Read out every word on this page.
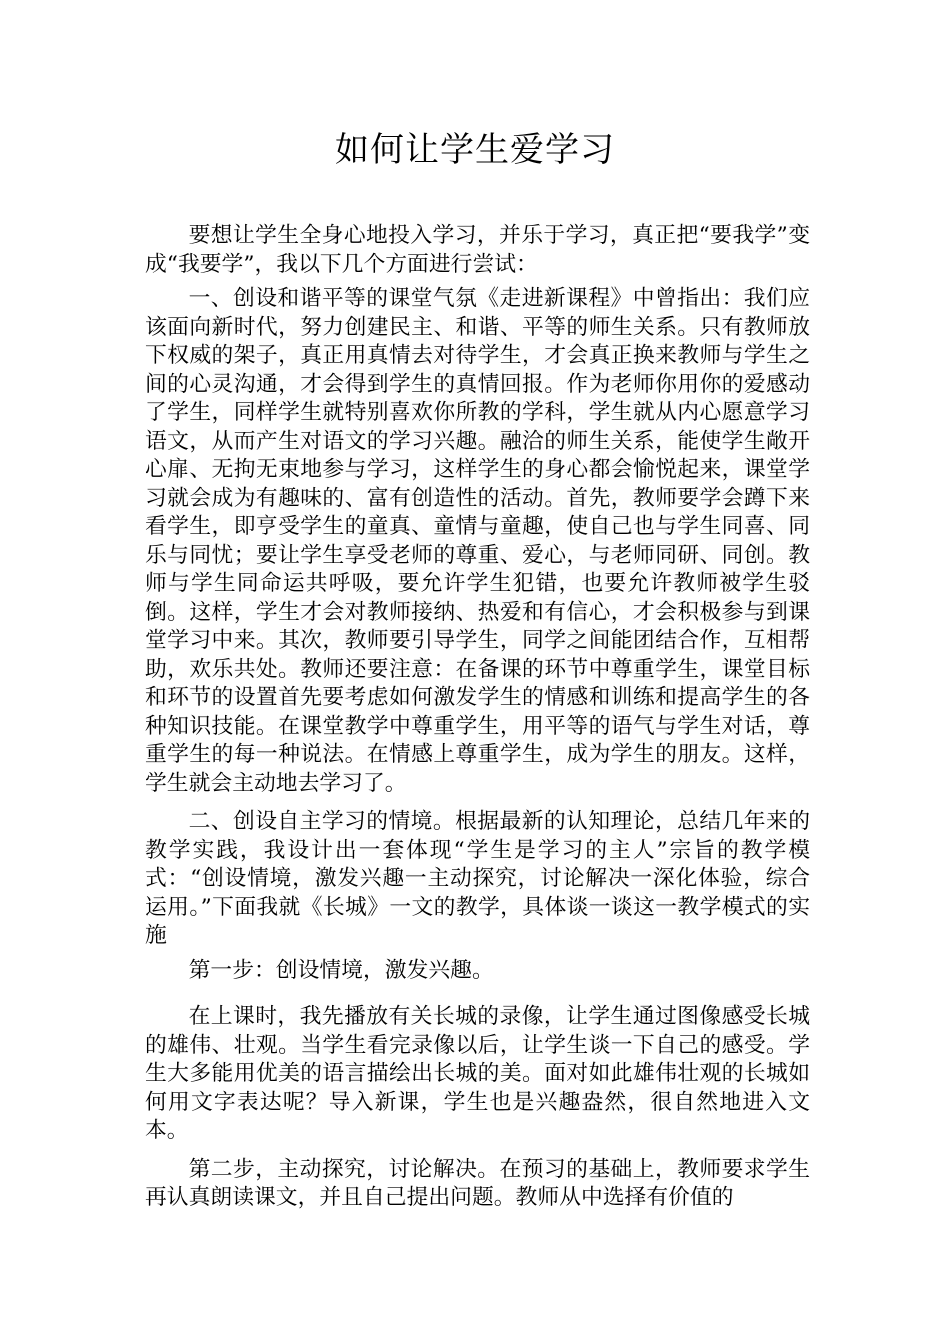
如何让学生爱学习

要想让学生全身心地投入学习，并乐于学习，真正把“要我学”变成“我要学”，我以下几个方面进行尝试：

一、创设和谐平等的课堂气氛《走进新课程》中曾指出：我们应该面向新时代，努力创建民主、和谐、平等的师生关系。只有教师放下权威的架子，真正用真情去对待学生，才会真正换来教师与学生之间的心灵沟通，才会得到学生的真情回报。作为老师你用你的爱感动了学生，同样学生就特别喜欢你所教的学科，学生就从内心愿意学习语文，从而产生对语文的学习兴趣。融洽的师生关系，能使学生敞开心扉、无拘无束地参与学习，这样学生的身心都会愉悦起来，课堂学习就会成为有趣味的、富有创造性的活动。首先，教师要学会蹲下来看学生，即亨受学生的童真、童情与童趣，使自己也与学生同喜、同乐与同忧；要让学生享受老师的尊重、爱心，与老师同研、同创。教师与学生同命运共呼吸，要允许学生犯错，也要允许教师被学生驳倒。这样，学生才会对教师接纳、热爱和有信心，才会积极参与到课堂学习中来。其次，教师要引导学生，同学之间能团结合作，互相帮助，欢乐共处。教师还要注意：在备课的环节中尊重学生，课堂目标和环节的设置首先要考虑如何激发学生的情感和训练和提高学生的各种知识技能。在课堂教学中尊重学生，用平等的语气与学生对话，尊重学生的每一种说法。在情感上尊重学生，成为学生的朋友。这样，学生就会主动地去学习了。

二、创设自主学习的情境。根据最新的认知理论，总结几年来的教学实践，我设计出一套体现“学生是学习的主人”宗旨的教学模式：“创设情境，激发兴趣一主动探究，讨论解决一深化体验，综合运用。”下面我就《长城》一文的教学，具体谈一谈这一教学模式的实施

第一步：创设情境，激发兴趣。

在上课时，我先播放有关长城的录像，让学生通过图像感受长城的雄伟、壮观。当学生看完录像以后，让学生谈一下自己的感受。学生大多能用优美的语言描绘出长城的美。面对如此雄伟壮观的长城如何用文字表达呢？导入新课，学生也是兴趣盎然，很自然地进入文本。

第二步，主动探究，讨论解决。在预习的基础上，教师要求学生再认真朗读课文，并且自己提出问题。教师从中选择有价值的
